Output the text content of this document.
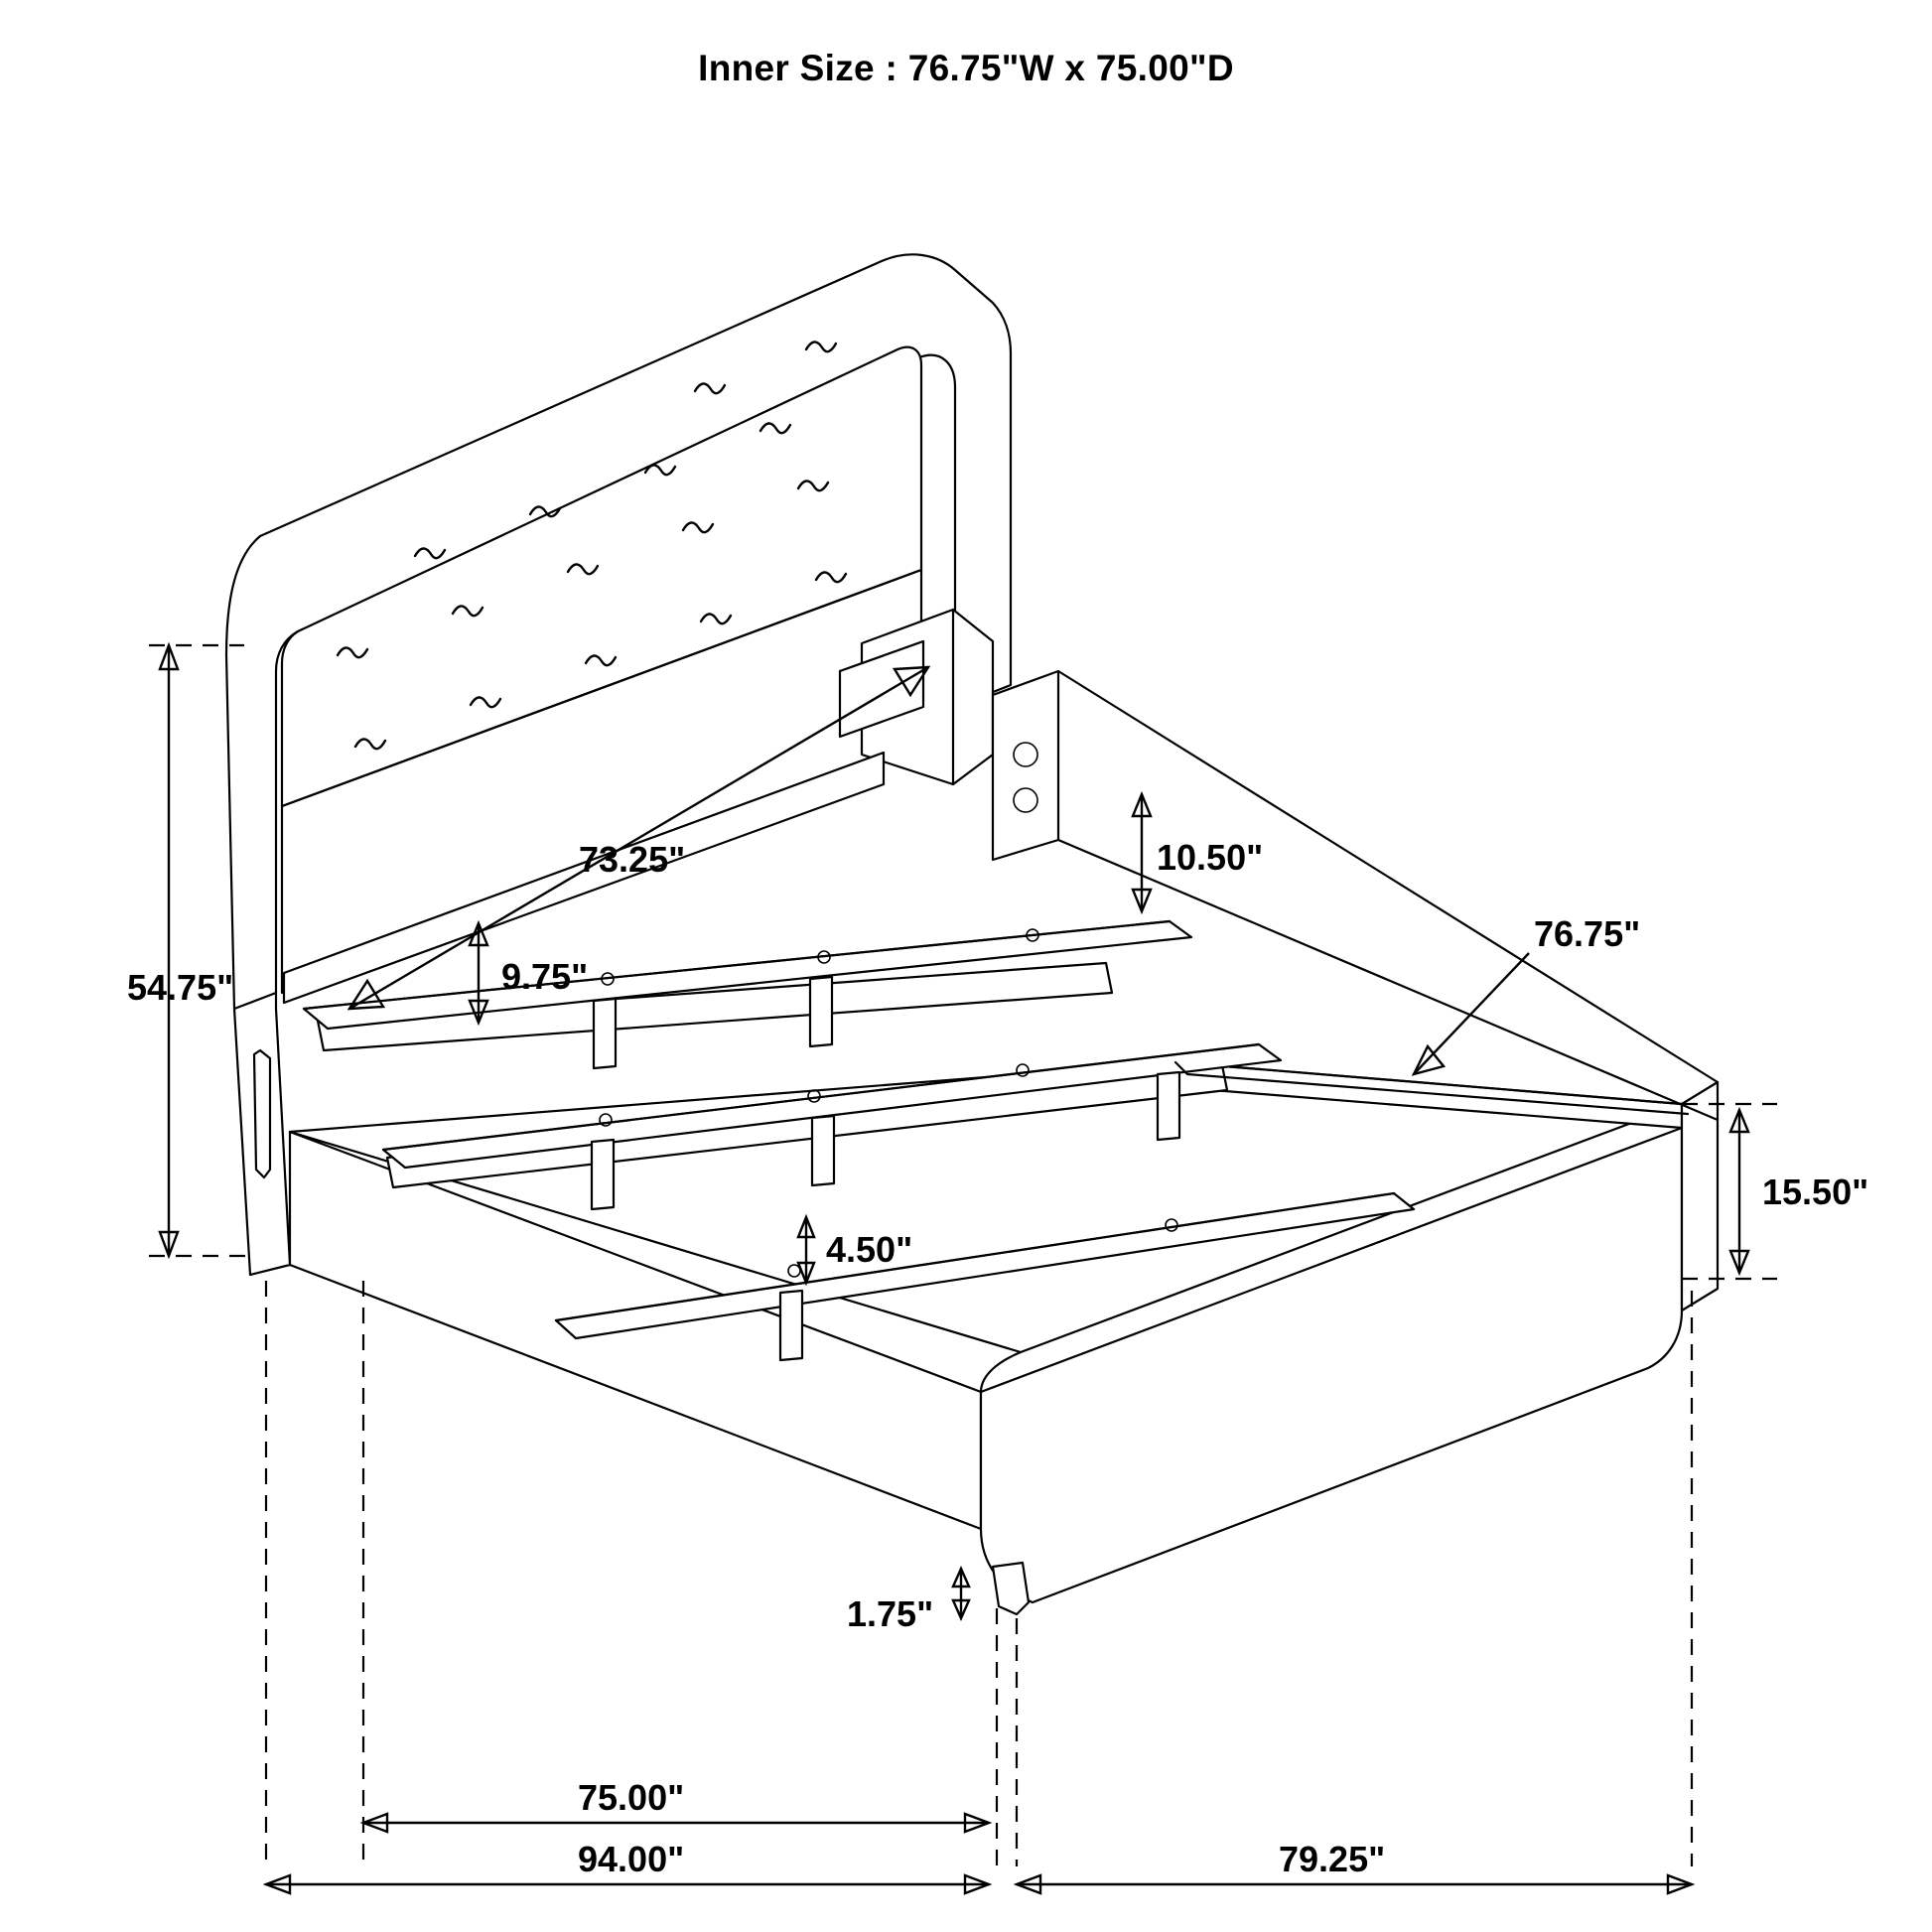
Inner Size : 76.75"W x 75.00"D
54.75"
73.25"
9.75"
10.50"
76.75"
4.50"
15.50"
1.75"
75.00"
94.00"	79.25"
